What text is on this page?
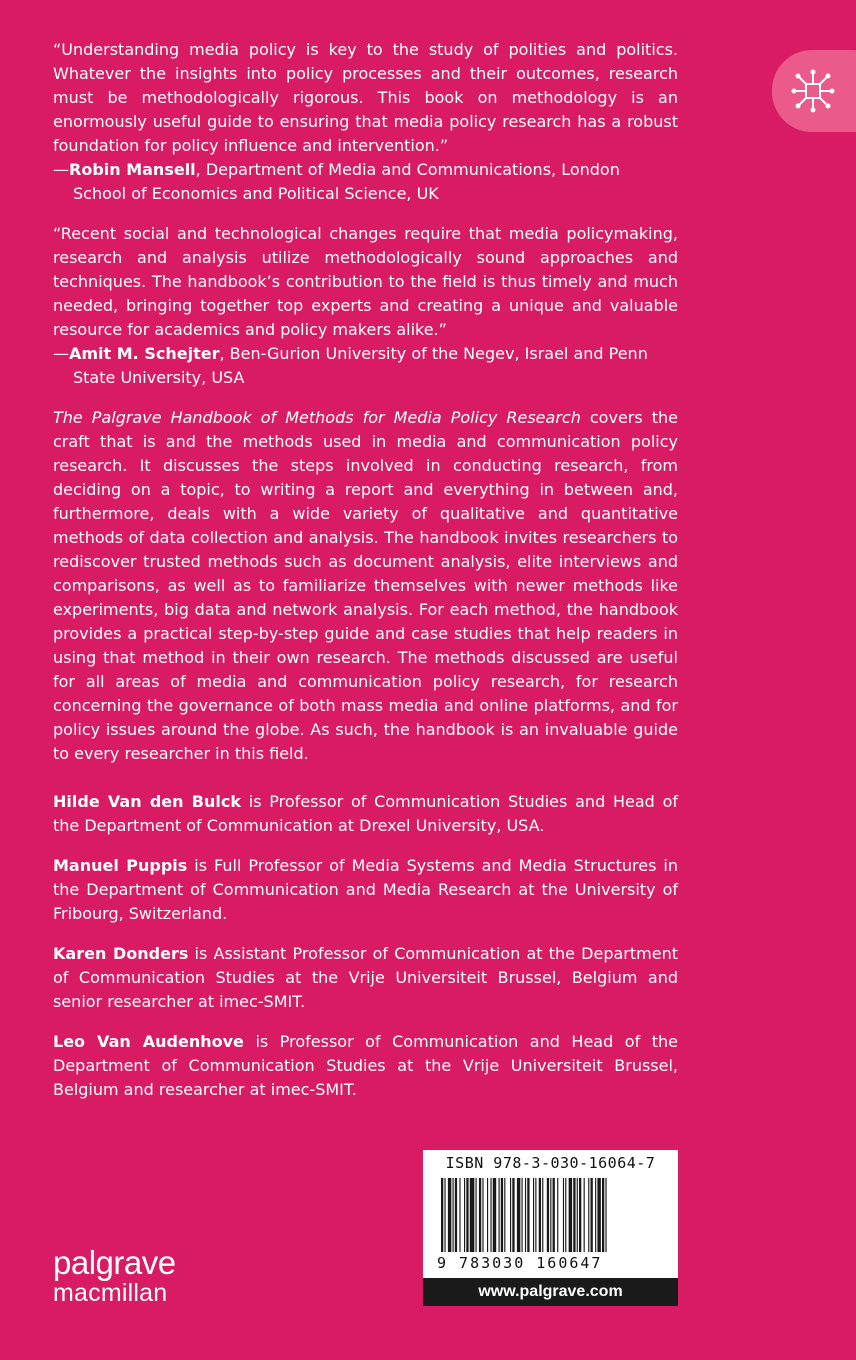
“Understanding media policy is key to the study of polities and politics. Whatever the insights into policy processes and their outcomes, research must be methodologically rigorous. This book on methodology is an enormously useful guide to ensuring that media policy research has a robust foundation for policy influence and intervention.”

—Robin Mansell, Department of Media and Communications, London School of Economics and Political Science, UK

“Recent social and technological changes require that media policymaking, research and analysis utilize methodologically sound approaches and techniques. The handbook’s contribution to the field is thus timely and much needed, bringing together top experts and creating a unique and valuable resource for academics and policy makers alike.”

—Amit M. Schejter, Ben-Gurion University of the Negev, Israel and Penn State University, USA

The Palgrave Handbook of Methods for Media Policy Research covers the craft that is and the methods used in media and communication policy research. It discusses the steps involved in conducting research, from deciding on a topic, to writing a report and everything in between and, furthermore, deals with a wide variety of qualitative and quantitative methods of data collection and analysis. The handbook invites researchers to rediscover trusted methods such as document analysis, elite interviews and comparisons, as well as to familiarize themselves with newer methods like experiments, big data and network analysis. For each method, the handbook provides a practical step-by-step guide and case studies that help readers in using that method in their own research. The methods discussed are useful for all areas of media and communication policy research, for research concerning the governance of both mass media and online platforms, and for policy issues around the globe. As such, the handbook is an invaluable guide to every researcher in this field.

Hilde Van den Bulck is Professor of Communication Studies and Head of the Department of Communication at Drexel University, USA.

Manuel Puppis is Full Professor of Media Systems and Media Structures in the Department of Communication and Media Research at the University of Fribourg, Switzerland.

Karen Donders is Assistant Professor of Communication at the Department of Communication Studies at the Vrije Universiteit Brussel, Belgium and senior researcher at imec-SMIT.

Leo Van Audenhove is Professor of Communication and Head of the Department of Communication Studies at the Vrije Universiteit Brussel, Belgium and researcher at imec-SMIT.

ISBN 978-3-030-16064-7
9 783030 160647
www.palgrave.com
palgrave
macmillan
